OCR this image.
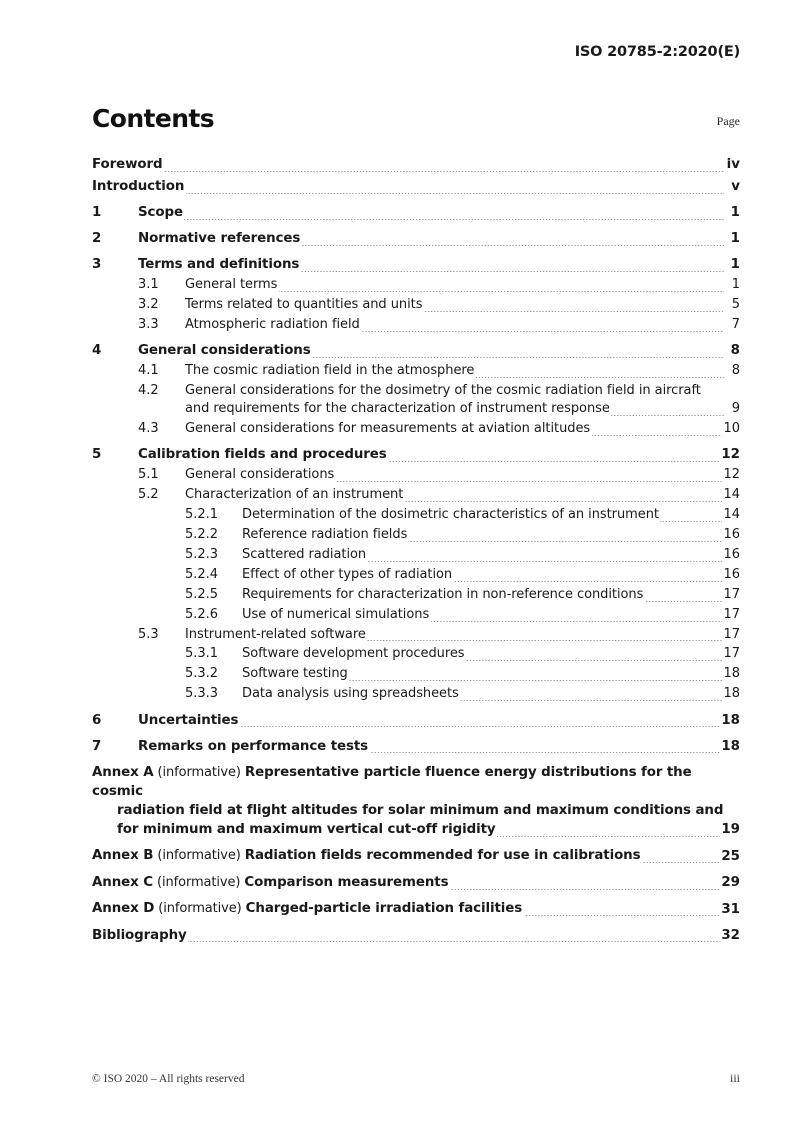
ISO 20785-2:2020(E)
Contents	Page
Foreword	iv
Introduction	v
1	Scope	1
2	Normative references	1
3	Terms and definitions	1
3.1	General terms	1
3.2	Terms related to quantities and units	5
3.3	Atmospheric radiation field	7
4	General considerations	8
4.1	The cosmic radiation field in the atmosphere	8
4.2	General considerations for the dosimetry of the cosmic radiation field in aircraft
and requirements for the characterization of instrument response	9
4.3	General considerations for measurements at aviation altitudes	10
5	Calibration fields and procedures	12
5.1	General considerations	12
5.2	Characterization of an instrument	14
5.2.1	Determination of the dosimetric characteristics of an instrument	14
5.2.2	Reference radiation fields	16
5.2.3	Scattered radiation	16
5.2.4	Effect of other types of radiation	16
5.2.5	Requirements for characterization in non-reference conditions	17
5.2.6	Use of numerical simulations	17
5.3	Instrument-related software	17
5.3.1	Software development procedures	17
5.3.2	Software testing	18
5.3.3	Data analysis using spreadsheets	18
6	Uncertainties	18
7	Remarks on performance tests	18
Annex A (informative) Representative particle fluence energy distributions for the cosmic
radiation field at flight altitudes for solar minimum and maximum conditions and
for minimum and maximum vertical cut-off rigidity	19
Annex B (informative) Radiation fields recommended for use in calibrations	25
Annex C (informative) Comparison measurements	29
Annex D (informative) Charged-particle irradiation facilities	31
Bibliography	32
© ISO 2020 – All rights reserved	iii
